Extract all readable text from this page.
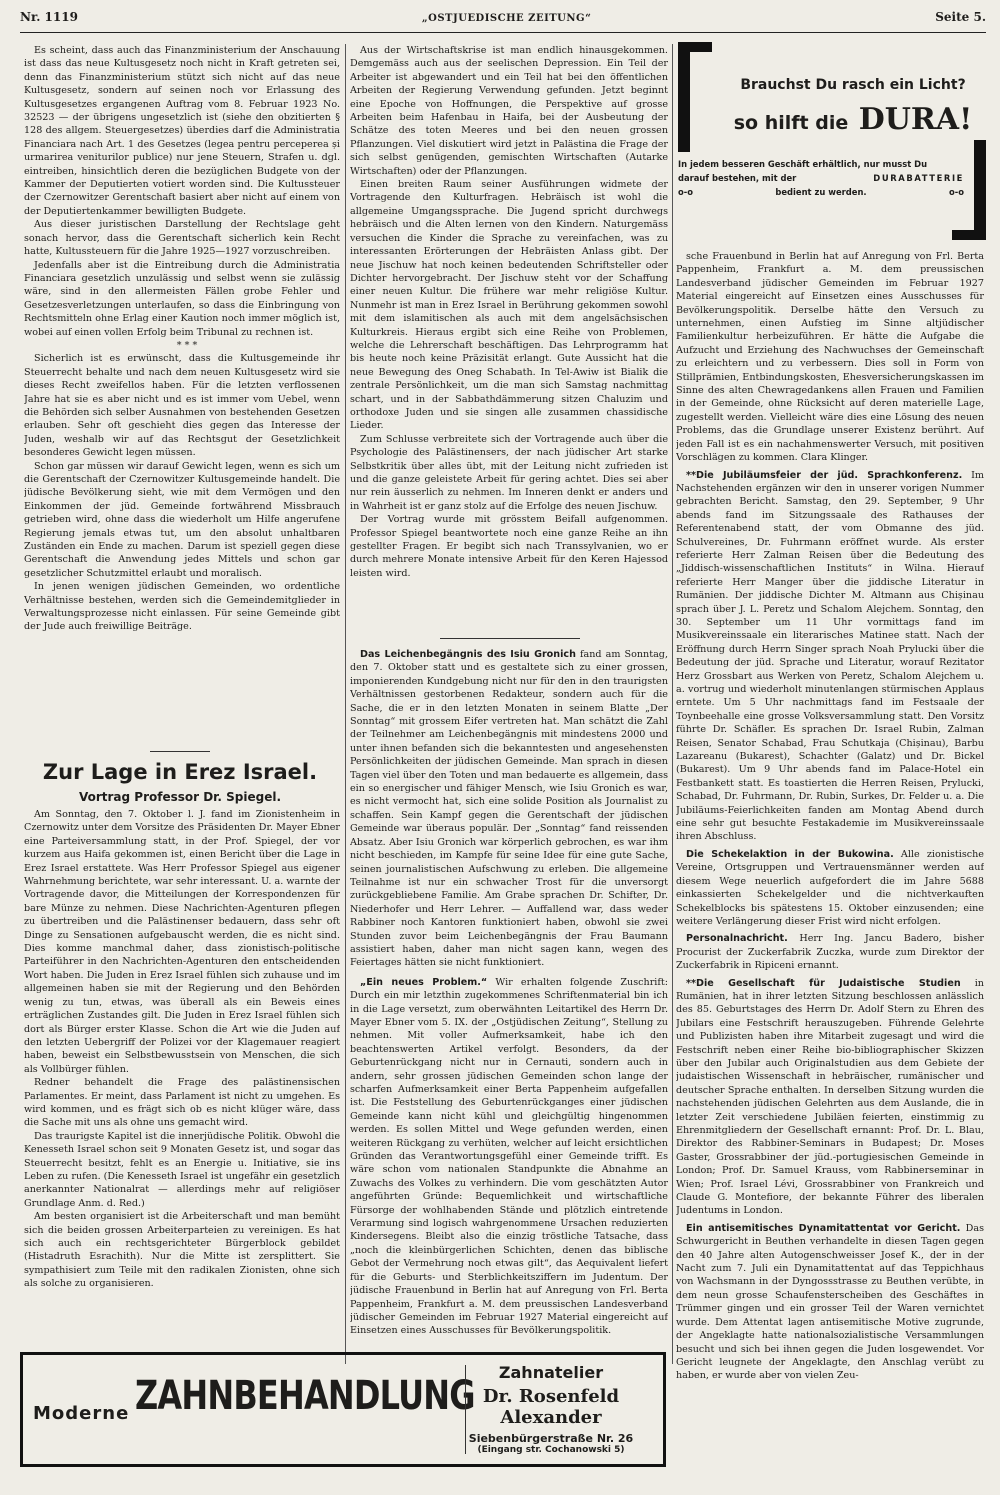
Nr. 1119	„OSTJUEDISCHE ZEITUNG“	Seite 5.

Es scheint, dass auch das Finanzministerium der Anschauung ist dass das neue Kultusgesetz noch nicht in Kraft getreten sei, denn das Finanzministerium stützt sich nicht auf das neue Kultusgesetz, sondern auf seinen noch vor Erlassung des Kultusgesetzes ergangenen Auftrag vom 8. Februar 1923 No. 32523 — der übrigens ungesetzlich ist (siehe den obzitierten § 128 des allgem. Steuergesetzes) überdies darf die Administratia Financiara nach Art. 1 des Gesetzes (legea pentru perceperea și urmarirea veniturilor publice) nur jene Steuern, Strafen u. dgl. eintreiben, hinsichtlich deren die bezüglichen Budgete von der Kammer der Deputierten votiert worden sind. Die Kultussteuer der Czernowitzer Gerentschaft basiert aber nicht auf einem von der Deputiertenkammer bewilligten Budgete.

Aus dieser juristischen Darstellung der Rechtslage geht sonach hervor, dass die Gerentschaft sicherlich kein Recht hatte, Kultussteuern für die Jahre 1925—1927 vorzuschreiben.

Jedenfalls aber ist die Eintreibung durch die Administratia Financiara gesetzlich unzulässig und selbst wenn sie zulässig wäre, sind in den allermeisten Fällen grobe Fehler und Gesetzesverletzungen unterlaufen, so dass die Einbringung von Rechtsmitteln ohne Erlag einer Kaution noch immer möglich ist, wobei auf einen vollen Erfolg beim Tribunal zu rechnen ist.

* * *

Sicherlich ist es erwünscht, dass die Kultusgemeinde ihr Steuerrecht behalte und nach dem neuen Kultusgesetz wird sie dieses Recht zweifellos haben. Für die letzten verflossenen Jahre hat sie es aber nicht und es ist immer vom Uebel, wenn die Behörden sich selber Ausnahmen von bestehenden Gesetzen erlauben. Sehr oft geschieht dies gegen das Interesse der Juden, weshalb wir auf das Rechtsgut der Gesetzlichkeit besonderes Gewicht legen müssen.

Schon gar müssen wir darauf Gewicht legen, wenn es sich um die Gerentschaft der Czernowitzer Kultusgemeinde handelt. Die jüdische Bevölkerung sieht, wie mit dem Vermögen und den Einkommen der jüd. Gemeinde fortwährend Missbrauch getrieben wird, ohne dass die wiederholt um Hilfe angerufene Regierung jemals etwas tut, um den absolut unhaltbaren Zuständen ein Ende zu machen. Darum ist speziell gegen diese Gerentschaft die Anwendung jedes Mittels und schon gar gesetzlicher Schutzmittel erlaubt und moralisch.

In jenen wenigen jüdischen Gemeinden, wo ordentliche Verhältnisse bestehen, werden sich die Gemeindemitglieder in Verwaltungsprozesse nicht einlassen. Für seine Gemeinde gibt der Jude auch freiwillige Beiträge.

Zur Lage in Erez Israel.
Vortrag Professor Dr. Spiegel.

Am Sonntag, den 7. Oktober l. J. fand im Zionistenheim in Czernowitz unter dem Vorsitze des Präsidenten Dr. Mayer Ebner eine Parteiversammlung statt, in der Prof. Spiegel, der vor kurzem aus Haifa gekommen ist, einen Bericht über die Lage in Erez Israel erstattete. Was Herr Professor Spiegel aus eigener Wahrnehmung berichtete, war sehr interessant. U. a. warnte der Vortragende davor, die Mitteilungen der Korrespondenzen für bare Münze zu nehmen. Diese Nachrichten-Agenturen pflegen zu übertreiben und die Palästinenser bedauern, dass sehr oft Dinge zu Sensationen aufgebauscht werden, die es nicht sind. Dies komme manchmal daher, dass zionistisch-politische Parteiführer in den Nachrichten-Agenturen den entscheidenden Wort haben. Die Juden in Erez Israel fühlen sich zuhause und im allgemeinen haben sie mit der Regierung und den Behörden wenig zu tun, etwas, was überall als ein Beweis eines erträglichen Zustandes gilt. Die Juden in Erez Israel fühlen sich dort als Bürger erster Klasse. Schon die Art wie die Juden auf den letzten Uebergriff der Polizei vor der Klagemauer reagiert haben, beweist ein Selbstbewusstsein von Menschen, die sich als Vollbürger fühlen.

Redner behandelt die Frage des palästinensischen Parlamentes. Er meint, dass Parlament ist nicht zu umgehen. Es wird kommen, und es frägt sich ob es nicht klüger wäre, dass die Sache mit uns als ohne uns gemacht wird.

Das traurigste Kapitel ist die innerjüdische Politik. Obwohl die Kenesseth Israel schon seit 9 Monaten Gesetz ist, und sogar das Steuerrecht besitzt, fehlt es an Energie u. Initiative, sie ins Leben zu rufen. (Die Kenesseth Israel ist ungefähr ein gesetzlich anerkannter Nationalrat — allerdings mehr auf religiöser Grundlage Anm. d. Red.)

Am besten organisiert ist die Arbeiterschaft und man bemüht sich die beiden grossen Arbeiterparteien zu vereinigen. Es hat sich auch ein rechtsgerichteter Bürgerblock gebildet (Histadruth Esrachith). Nur die Mitte ist zersplittert. Sie sympathisiert zum Teile mit den radikalen Zionisten, ohne sich als solche zu organisieren.

Aus der Wirtschaftskrise ist man endlich hinausgekommen. Demgemäss auch aus der seelischen Depression. Ein Teil der Arbeiter ist abgewandert und ein Teil hat bei den öffentlichen Arbeiten der Regierung Verwendung gefunden. Jetzt beginnt eine Epoche von Hoffnungen, die Perspektive auf grosse Arbeiten beim Hafenbau in Haifa, bei der Ausbeutung der Schätze des toten Meeres und bei den neuen grossen Pflanzungen. Viel diskutiert wird jetzt in Palästina die Frage der sich selbst genügenden, gemischten Wirtschaften (Autarke Wirtschaften) oder der Pflanzungen.

Einen breiten Raum seiner Ausführungen widmete der Vortragende den Kulturfragen. Hebräisch ist wohl die allgemeine Umgangssprache. Die Jugend spricht durchwegs hebräisch und die Alten lernen von den Kindern. Naturgemäss versuchen die Kinder die Sprache zu vereinfachen, was zu interessanten Erörterungen der Hebräisten Anlass gibt. Der neue Jischuw hat noch keinen bedeutenden Schriftsteller oder Dichter hervorgebracht. Der Jischuw steht vor der Schaffung einer neuen Kultur. Die frühere war mehr religiöse Kultur. Nunmehr ist man in Erez Israel in Berührung gekommen sowohl mit dem islamitischen als auch mit dem angelsächsischen Kulturkreis. Hieraus ergibt sich eine Reihe von Problemen, welche die Lehrerschaft beschäftigen. Das Lehrprogramm hat bis heute noch keine Präzisität erlangt. Gute Aussicht hat die neue Bewegung des Oneg Schabath. In Tel-Awiw ist Bialik die zentrale Persönlichkeit, um die man sich Samstag nachmittag schart, und in der Sabbathdämmerung sitzen Chaluzim und orthodoxe Juden und sie singen alle zusammen chassidische Lieder.

Zum Schlusse verbreitete sich der Vortragende auch über die Psychologie des Palästinensers, der nach jüdischer Art starke Selbstkritik über alles übt, mit der Leitung nicht zufrieden ist und die ganze geleistete Arbeit für gering achtet. Dies sei aber nur rein äusserlich zu nehmen. Im Inneren denkt er anders und in Wahrheit ist er ganz stolz auf die Erfolge des neuen Jischuw.

Der Vortrag wurde mit grösstem Beifall aufgenommen. Professor Spiegel beantwortete noch eine ganze Reihe an ihn gestellter Fragen. Er begibt sich nach Transsylvanien, wo er durch mehrere Monate intensive Arbeit für den Keren Hajessod leisten wird.

Das Leichenbegängnis des Isiu Gronich fand am Sonntag, den 7. Oktober statt und es gestaltete sich zu einer grossen, imponierenden Kundgebung nicht nur für den in den traurigsten Verhältnissen gestorbenen Redakteur, sondern auch für die Sache, die er in den letzten Monaten in seinem Blatte „Der Sonntag“ mit grossem Eifer vertreten hat. Man schätzt die Zahl der Teilnehmer am Leichenbegängnis mit mindestens 2000 und unter ihnen befanden sich die bekanntesten und angesehensten Persönlichkeiten der jüdischen Gemeinde. Man sprach in diesen Tagen viel über den Toten und man bedauerte es allgemein, dass ein so energischer und fähiger Mensch, wie Isiu Gronich es war, es nicht vermocht hat, sich eine solide Position als Journalist zu schaffen. Sein Kampf gegen die Gerentschaft der jüdischen Gemeinde war überaus populär. Der „Sonntag“ fand reissenden Absatz. Aber Isiu Gronich war körperlich gebrochen, es war ihm nicht beschieden, im Kampfe für seine Idee für eine gute Sache, seinen journalistischen Aufschwung zu erleben. Die allgemeine Teilnahme ist nur ein schwacher Trost für die unversorgt zurückgebliebene Familie. Am Grabe sprachen Dr. Schifter, Dr. Niederhofer und Herr Lehrer. — Auffallend war, dass weder Rabbiner noch Kantoren funktioniert haben, obwohl sie zwei Stunden zuvor beim Leichenbegängnis der Frau Baumann assistiert haben, daher man nicht sagen kann, wegen des Feiertages hätten sie nicht funktioniert.

„Ein neues Problem.“ Wir erhalten folgende Zuschrift: Durch ein mir letzthin zugekommenes Schriftenmaterial bin ich in die Lage versetzt, zum oberwähnten Leitartikel des Herrn Dr. Mayer Ebner vom 5. IX. der „Ostjüdischen Zeitung“, Stellung zu nehmen. Mit voller Aufmerksamkeit, habe ich den beachtenswerten Artikel verfolgt. Besonders, da der Geburtenrückgang nicht nur in Cernauti, sondern auch in andern, sehr grossen jüdischen Gemeinden schon lange der scharfen Aufmerksamkeit einer Berta Pappenheim aufgefallen ist. Die Feststellung des Geburtenrückganges einer jüdischen Gemeinde kann nicht kühl und gleichgültig hingenommen werden. Es sollen Mittel und Wege gefunden werden, einen weiteren Rückgang zu verhüten, welcher auf leicht ersichtlichen Gründen das Verantwortungsgefühl einer Gemeinde trifft. Es wäre schon vom nationalen Standpunkte die Abnahme an Zuwachs des Volkes zu verhindern. Die vom geschätzten Autor angeführten Gründe: Bequemlichkeit und wirtschaftliche Fürsorge der wohlhabenden Stände und plötzlich eintretende Verarmung sind logisch wahrgenommene Ursachen reduzierten Kindersegens. Bleibt also die einzig tröstliche Tatsache, dass „noch die kleinbürgerlichen Schichten, denen das biblische Gebot der Vermehrung noch etwas gilt“, das Aequivalent liefert für die Geburts- und Sterblichkeitsziffern im Judentum. Der jüdische Frauenbund in Berlin hat auf Anregung von Frl. Berta Pappenheim, Frankfurt a. M. dem preussischen Landesverband jüdischer Gemeinden im Februar 1927 Material eingereicht auf Einsetzen eines Ausschusses für Bevölkerungspolitik.

Brauchst Du rasch ein Licht?
so hilft die DURA!
In jedem besseren Geschäft erhältlich, nur musst Du
darauf bestehen, mit der	DURABATTERIE
o-o	bedient zu werden.	o-o

sche Frauenbund in Berlin hat auf Anregung von Frl. Berta Pappenheim, Frankfurt a. M. dem preussischen Landesverband jüdischer Gemeinden im Februar 1927 Material eingereicht auf Einsetzen eines Ausschusses für Bevölkerungspolitik. Derselbe hätte den Versuch zu unternehmen, einen Aufstieg im Sinne altjüdischer Familienkultur herbeizuführen. Er hätte die Aufgabe die Aufzucht und Erziehung des Nachwuchses der Gemeinschaft zu erleichtern und zu verbessern. Dies soll in Form von Stillprämien, Entbindungskosten, Ehesversicherungskassen im Sinne des alten Chewragedankens allen Frauen und Familien in der Gemeinde, ohne Rücksicht auf deren materielle Lage, zugestellt werden. Vielleicht wäre dies eine Lösung des neuen Problems, das die Grundlage unserer Existenz berührt. Auf jeden Fall ist es ein nachahmenswerter Versuch, mit positiven Vorschlägen zu kommen. Clara Klinger.

**Die Jubiläumsfeier der jüd. Sprachkonferenz. Im Nachstehenden ergänzen wir den in unserer vorigen Nummer gebrachten Bericht. Samstag, den 29. September, 9 Uhr abends fand im Sitzungssaale des Rathauses der Referentenabend statt, der vom Obmanne des jüd. Schulvereines, Dr. Fuhrmann eröffnet wurde. Als erster referierte Herr Zalman Reisen über die Bedeutung des „Jiddisch-wissenschaftlichen Instituts“ in Wilna. Hierauf referierte Herr Manger über die jiddische Literatur in Rumänien. Der jiddische Dichter M. Altmann aus Chișinau sprach über J. L. Peretz und Schalom Alejchem. Sonntag, den 30. September um 11 Uhr vormittags fand im Musikvereinssaale ein literarisches Matinee statt. Nach der Eröffnung durch Herrn Singer sprach Noah Prylucki über die Bedeutung der jüd. Sprache und Literatur, worauf Rezitator Herz Grossbart aus Werken von Peretz, Schalom Alejchem u. a. vortrug und wiederholt minutenlangen stürmischen Applaus erntete. Um 5 Uhr nachmittags fand im Festsaale der Toynbeehalle eine grosse Volksversammlung statt. Den Vorsitz führte Dr. Schäfler. Es sprachen Dr. Israel Rubin, Zalman Reisen, Senator Schabad, Frau Schutkaja (Chișinau), Barbu Lazareanu (Bukarest), Schachter (Galatz) und Dr. Bickel (Bukarest). Um 9 Uhr abends fand im Palace-Hotel ein Festbankett statt. Es toastierten die Herren Reisen, Prylucki, Schabad, Dr. Fuhrmann, Dr. Rubin, Surkes, Dr. Felder u. a. Die Jubiläums-Feierlichkeiten fanden am Montag Abend durch eine sehr gut besuchte Festakademie im Musikvereinssaale ihren Abschluss.

Die Schekelaktion in der Bukowina. Alle zionistische Vereine, Ortsgruppen und Vertrauensmänner werden auf diesem Wege neuerlich aufgefordert die im Jahre 5688 einkassierten Schekelgelder und die nichtverkauften Schekelblocks bis spätestens 15. Oktober einzusenden; eine weitere Verlängerung dieser Frist wird nicht erfolgen.

Personalnachricht. Herr Ing. Jancu Badero, bisher Procurist der Zuckerfabrik Zuczka, wurde zum Direktor der Zuckerfabrik in Ripiceni ernannt.

**Die Gesellschaft für Judaistische Studien in Rumänien, hat in ihrer letzten Sitzung beschlossen anlässlich des 85. Geburtstages des Herrn Dr. Adolf Stern zu Ehren des Jubilars eine Festschrift herauszugeben. Führende Gelehrte und Publizisten haben ihre Mitarbeit zugesagt und wird die Festschrift neben einer Reihe bio-bibliographischer Skizzen über den Jubilar auch Originalstudien aus dem Gebiete der judaistischen Wissenschaft in hebräischer, rumänischer und deutscher Sprache enthalten. In derselben Sitzung wurden die nachstehenden jüdischen Gelehrten aus dem Auslande, die in letzter Zeit verschiedene Jubiläen feierten, einstimmig zu Ehrenmitgliedern der Gesellschaft ernannt: Prof. Dr. L. Blau, Direktor des Rabbiner-Seminars in Budapest; Dr. Moses Gaster, Grossrabbiner der jüd.-portugiesischen Gemeinde in London; Prof. Dr. Samuel Krauss, vom Rabbinerseminar in Wien; Prof. Israel Lévi, Grossrabbiner von Frankreich und Claude G. Montefiore, der bekannte Führer des liberalen Judentums in London.

Ein antisemitisches Dynamitattentat vor Gericht. Das Schwurgericht in Beuthen verhandelte in diesen Tagen gegen den 40 Jahre alten Autogenschweisser Josef K., der in der Nacht zum 7. Juli ein Dynamitattentat auf das Teppichhaus von Wachsmann in der Dyngossstrasse zu Beuthen verübte, in dem neun grosse Schaufensterscheiben des Geschäftes in Trümmer gingen und ein grosser Teil der Waren vernichtet wurde. Dem Attentat lagen antisemitische Motive zugrunde, der Angeklagte hatte nationalsozialistische Versammlungen besucht und sich bei ihnen gegen die Juden losgewendet. Vor Gericht leugnete der Angeklagte, den Anschlag verübt zu haben, er wurde aber von vielen Zeu-

Moderne ZAHNBEHANDLUNG
Zahnatelier
Dr. Rosenfeld
Alexander
Siebenbürgerstraße Nr. 26
(Eingang str. Cochanowski 5)
